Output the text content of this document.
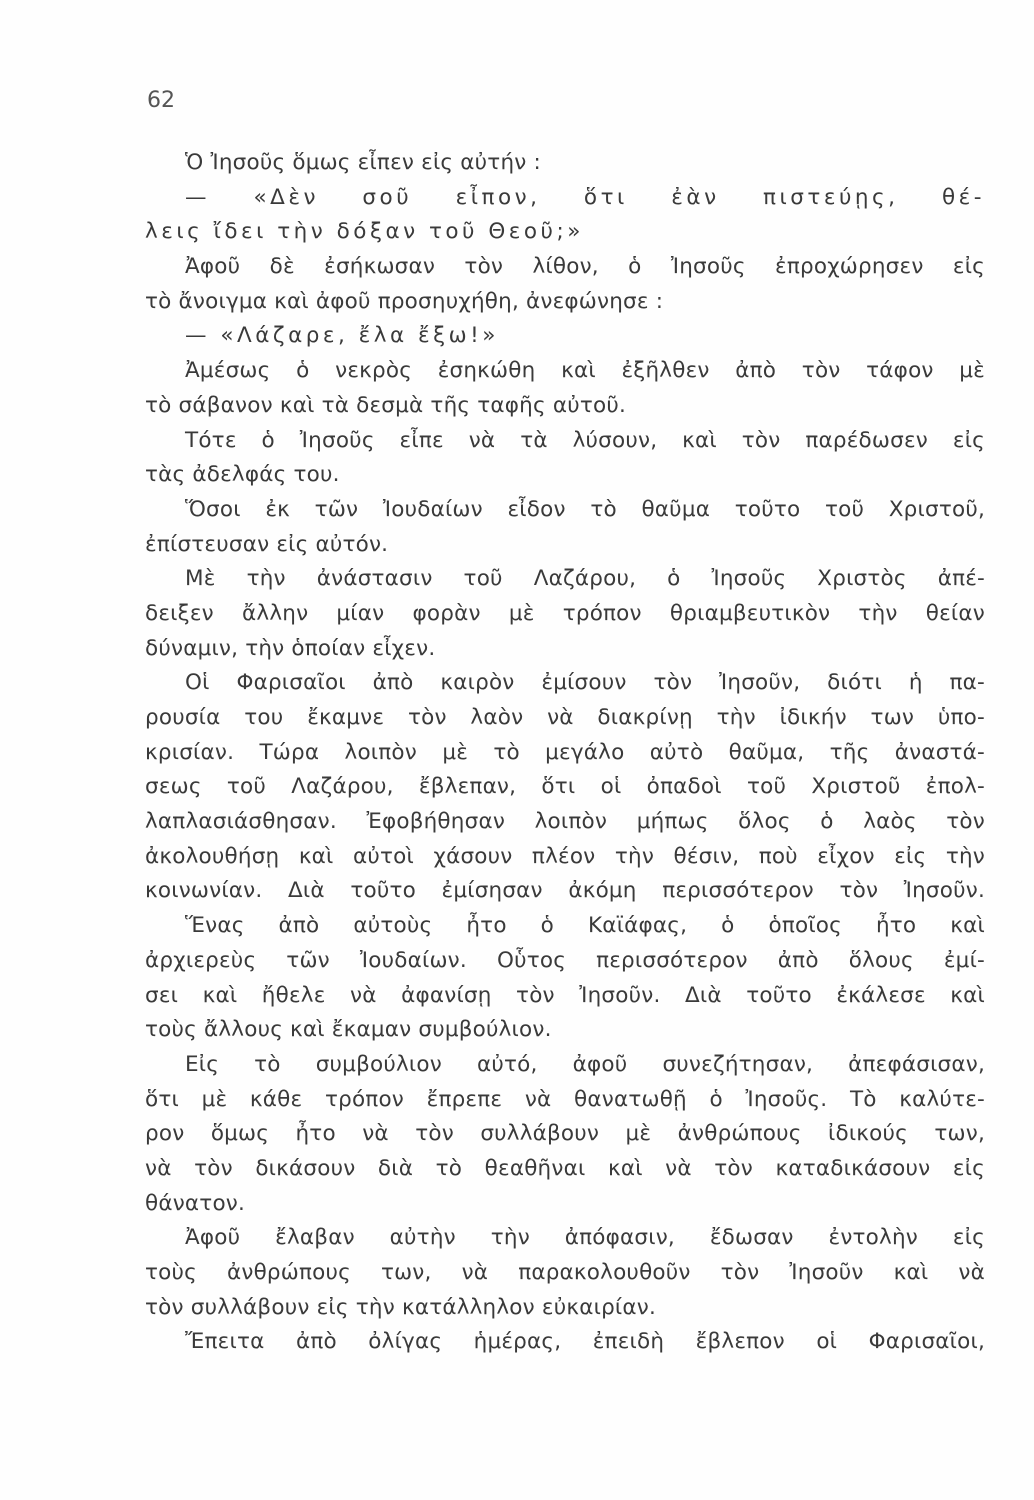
62
Ὁ Ἰησοῦς ὅμως εἶπεν εἰς αὐτήν :
— «Δὲν σοῦ εἶπον, ὅτι ἐὰν πιστεύῃς, θέ-
λεις ἴδει τὴν δόξαν τοῦ Θεοῦ;»
Ἀφοῦ δὲ ἐσήκωσαν τὸν λίθον, ὁ Ἰησοῦς ἐπροχώρησεν εἰς
τὸ ἄνοιγμα καὶ ἀφοῦ προσηυχήθη, ἀνεφώνησε :
— «Λάζαρε, ἔλα ἔξω!»
Ἀμέσως ὁ νεκρὸς ἐσηκώθη καὶ ἐξῆλθεν ἀπὸ τὸν τάφον μὲ
τὸ σάβανον καὶ τὰ δεσμὰ τῆς ταφῆς αὐτοῦ.
Τότε ὁ Ἰησοῦς εἶπε νὰ τὰ λύσουν, καὶ τὸν παρέδωσεν εἰς
τὰς ἀδελφάς του.
Ὅσοι ἐκ τῶν Ἰουδαίων εἶδον τὸ θαῦμα τοῦτο τοῦ Χριστοῦ,
ἐπίστευσαν εἰς αὐτόν.
Μὲ τὴν ἀνάστασιν τοῦ Λαζάρου, ὁ Ἰησοῦς Χριστὸς ἀπέ-
δειξεν ἄλλην μίαν φορὰν μὲ τρόπον θριαμβευτικὸν τὴν θείαν
δύναμιν, τὴν ὁποίαν εἶχεν.
Οἱ Φαρισαῖοι ἀπὸ καιρὸν ἐμίσουν τὸν Ἰησοῦν, διότι ἡ πα-
ρουσία του ἔκαμνε τὸν λαὸν νὰ διακρίνῃ τὴν ἰδικήν των ὑπο-
κρισίαν. Τώρα λοιπὸν μὲ τὸ μεγάλο αὐτὸ θαῦμα, τῆς ἀναστά-
σεως τοῦ Λαζάρου, ἔβλεπαν, ὅτι οἱ ὀπαδοὶ τοῦ Χριστοῦ ἐπολ-
λαπλασιάσθησαν. Ἐφοβήθησαν λοιπὸν μήπως ὅλος ὁ λαὸς τὸν
ἀκολουθήσῃ καὶ αὐτοὶ χάσουν πλέον τὴν θέσιν, ποὺ εἶχον εἰς τὴν
κοινωνίαν. Διὰ τοῦτο ἐμίσησαν ἀκόμη περισσότερον τὸν Ἰησοῦν.
Ἕνας ἀπὸ αὐτοὺς ἦτο ὁ Καϊάφας, ὁ ὁποῖος ἦτο καὶ
ἀρχιερεὺς τῶν Ἰουδαίων. Οὗτος περισσότερον ἀπὸ ὅλους ἐμί-
σει καὶ ἤθελε νὰ ἀφανίσῃ τὸν Ἰησοῦν. Διὰ τοῦτο ἐκάλεσε καὶ
τοὺς ἄλλους καὶ ἔκαμαν συμβούλιον.
Εἰς τὸ συμβούλιον αὐτό, ἀφοῦ συνεζήτησαν, ἀπεφάσισαν,
ὅτι μὲ κάθε τρόπον ἔπρεπε νὰ θανατωθῇ ὁ Ἰησοῦς. Τὸ καλύτε-
ρον ὅμως ἦτο νὰ τὸν συλλάβουν μὲ ἀνθρώπους ἰδικούς των,
νὰ τὸν δικάσουν διὰ τὸ θεαθῆναι καὶ νὰ τὸν καταδικάσουν εἰς
θάνατον.
Ἀφοῦ ἔλαβαν αὐτὴν τὴν ἀπόφασιν, ἔδωσαν ἐντολὴν εἰς
τοὺς ἀνθρώπους των, νὰ παρακολουθοῦν τὸν Ἰησοῦν καὶ νὰ
τὸν συλλάβουν εἰς τὴν κατάλληλον εὐκαιρίαν.
Ἔπειτα ἀπὸ ὀλίγας ἡμέρας, ἐπειδὴ ἔβλεπον οἱ Φαρισαῖοι,
